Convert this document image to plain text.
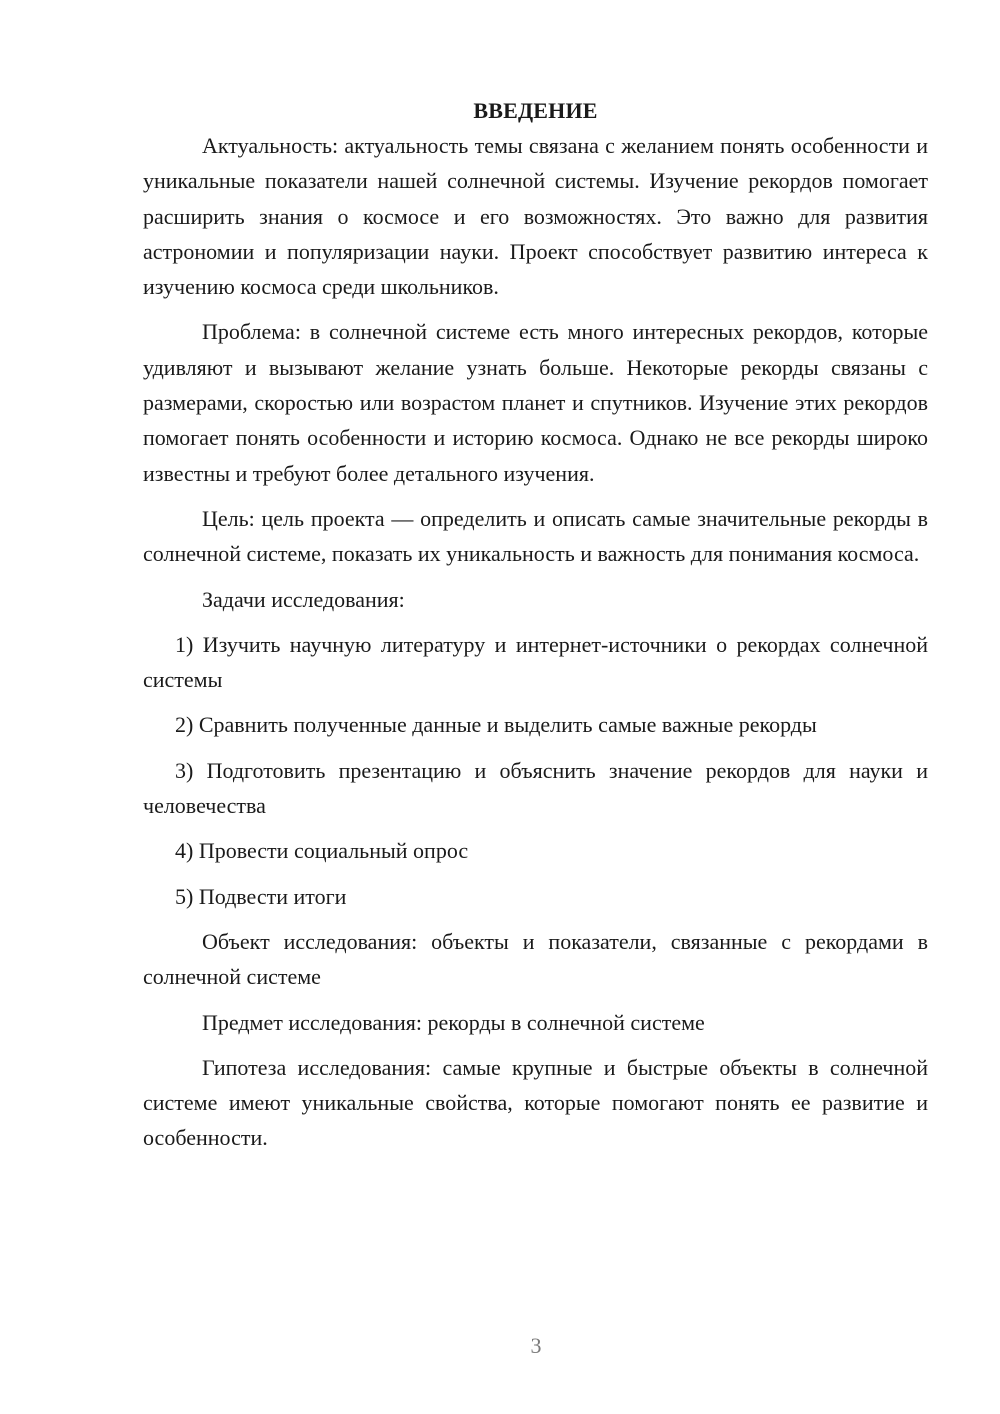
ВВЕДЕНИЕ

Актуальность: актуальность темы связана с желанием понять особенности и уникальные показатели нашей солнечной системы. Изучение рекордов помогает расширить знания о космосе и его возможностях. Это важно для развития астрономии и популяризации науки. Проект способствует развитию интереса к изучению космоса среди школьников.

Проблема: в солнечной системе есть много интересных рекордов, которые удивляют и вызывают желание узнать больше. Некоторые рекорды связаны с размерами, скоростью или возрастом планет и спутников. Изучение этих рекордов помогает понять особенности и историю космоса. Однако не все рекорды широко известны и требуют более детального изучения.

Цель: цель проекта — определить и описать самые значительные рекорды в солнечной системе, показать их уникальность и важность для понимания космоса.

Задачи исследования:

1) Изучить научную литературу и интернет-источники о рекордах солнечной системы

2) Сравнить полученные данные и выделить самые важные рекорды

3) Подготовить презентацию и объяснить значение рекордов для науки и человечества

4) Провести социальный опрос

5) Подвести итоги

Объект исследования: объекты и показатели, связанные с рекордами в солнечной системе

Предмет исследования: рекорды в солнечной системе

Гипотеза исследования: самые крупные и быстрые объекты в солнечной системе имеют уникальные свойства, которые помогают понять ее развитие и особенности.

3
